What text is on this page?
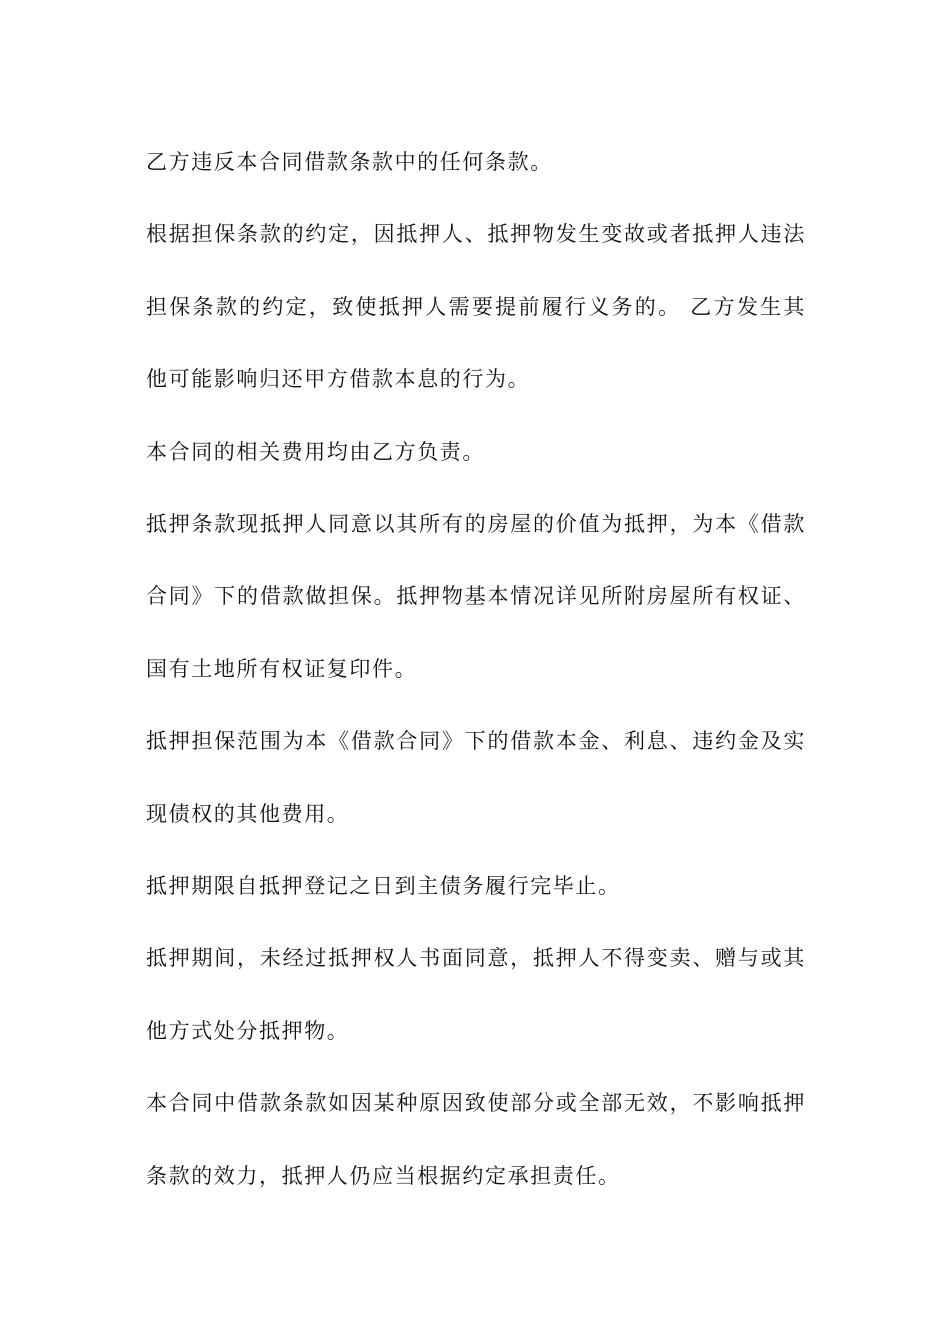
乙方违反本合同借款条款中的任何条款。

根据担保条款的约定，因抵押人、抵押物发生变故或者抵押人违法担保条款的约定，致使抵押人需要提前履行义务的。 乙方发生其他可能影响归还甲方借款本息的行为。

本合同的相关费用均由乙方负责。

抵押条款现抵押人同意以其所有的房屋的价值为抵押，为本《借款合同》下的借款做担保。抵押物基本情况详见所附房屋所有权证、国有土地所有权证复印件。

抵押担保范围为本《借款合同》下的借款本金、利息、违约金及实现债权的其他费用。

抵押期限自抵押登记之日到主债务履行完毕止。

抵押期间，未经过抵押权人书面同意，抵押人不得变卖、赠与或其他方式处分抵押物。

本合同中借款条款如因某种原因致使部分或全部无效，不影响抵押条款的效力，抵押人仍应当根据约定承担责任。
